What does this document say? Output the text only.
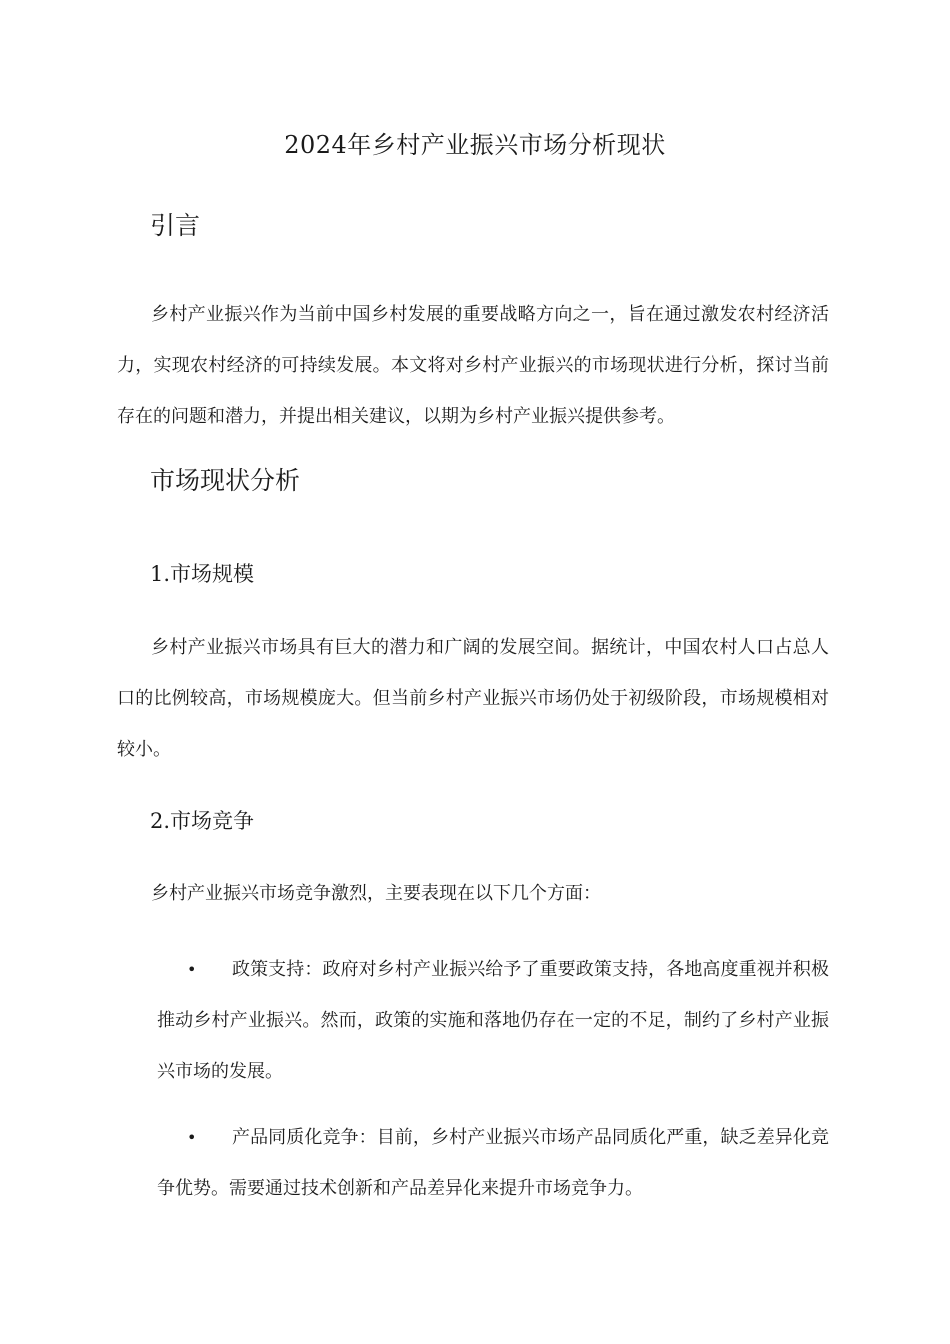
2024年乡村产业振兴市场分析现状
引言
乡村产业振兴作为当前中国乡村发展的重要战略方向之一，旨在通过激发农村经济活力，实现农村经济的可持续发展。本文将对乡村产业振兴的市场现状进行分析，探讨当前存在的问题和潜力，并提出相关建议，以期为乡村产业振兴提供参考。
市场现状分析
1.市场规模
乡村产业振兴市场具有巨大的潜力和广阔的发展空间。据统计，中国农村人口占总人口的比例较高，市场规模庞大。但当前乡村产业振兴市场仍处于初级阶段，市场规模相对较小。
2.市场竞争
乡村产业振兴市场竞争激烈，主要表现在以下几个方面：
•	政策支持：政府对乡村产业振兴给予了重要政策支持，各地高度重视并积极推动乡村产业振兴。然而，政策的实施和落地仍存在一定的不足，制约了乡村产业振兴市场的发展。
•	产品同质化竞争：目前，乡村产业振兴市场产品同质化严重，缺乏差异化竞争优势。需要通过技术创新和产品差异化来提升市场竞争力。
